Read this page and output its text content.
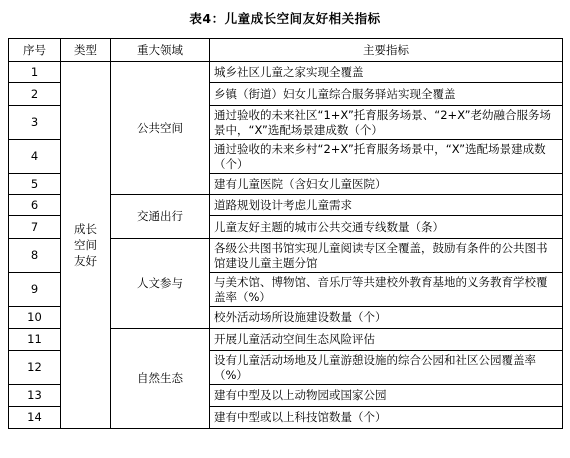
表4：儿童成长空间友好相关指标
序号	类型	重大领域	主要指标
1	成长空间友好	公共空间	城乡社区儿童之家实现全覆盖
2			乡镇（街道）妇女儿童综合服务驿站实现全覆盖
3			通过验收的未来社区“1+X”托育服务场景、“2+X”老幼融合服务场景中，“X”选配场景建成数（个）
4			通过验收的未来乡村“2+X”托育服务场景中，“X”选配场景建成数（个）
5			建有儿童医院（含妇女儿童医院）
6		交通出行	道路规划设计考虑儿童需求
7			儿童友好主题的城市公共交通专线数量（条）
8		人文参与	各级公共图书馆实现儿童阅读专区全覆盖，鼓励有条件的公共图书馆建设儿童主题分馆
9			与美术馆、博物馆、音乐厅等共建校外教育基地的义务教育学校覆盖率（%）
10			校外活动场所设施建设数量（个）
11		自然生态	开展儿童活动空间生态风险评估
12			设有儿童活动场地及儿童游憩设施的综合公园和社区公园覆盖率（%）
13			建有中型及以上动物园或国家公园
14			建有中型或以上科技馆数量（个）
